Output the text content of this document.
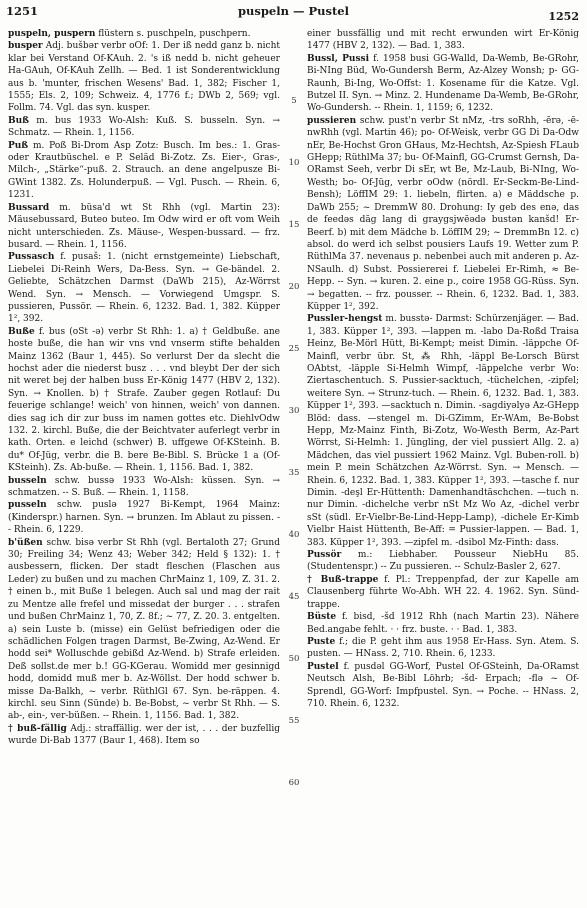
1251	puspeln — Pustel	1252

puspeln, puspern flüstern s. puschpeln, puschpern.

busper Adj. bušbər verbr oOf: 1. Der iß nedd ganz b. nicht klar bei Verstand Of-KAuh. 2. 's iß nedd b. nicht geheuer Ha-GAuh, Of-KAuh Zellh. — Bed. 1 ist Sonderentwicklung aus b. 'munter, frischen Wesens' Bad. 1, 382; Fischer 1, 1555; Els. 2, 109; Schweiz. 4, 1776 f.; DWb 2, 569; vgl. Follm. 74. Vgl. das syn. kusper.

Buß m. bus 1933 Wo-Alsh: Kuß. S. busseln. Syn. → Schmatz. — Rhein. 1, 1156.

Puß m. Poß Bi-Drom Asp Zotz: Busch. Im bes.: 1. Gras- oder Krautbüschel. e P. Seläd Bi-Zotz. Zs. Eier-, Gras-, Milch-, „Stärke“-puß. 2. Strauch. an dene angelpusze Bi-GWint 1382. Zs. Holunderpuß. — Vgl. Pusch. — Rhein. 6, 1231.

Bussard m. büsa'd wt St Rhh (vgl. Martin 23): Mäusebussard, Buteo buteo. Im Odw wird er oft vom Weih nicht unterschieden. Zs. Mäuse-, Wespen-bussard. — frz. busard. — Rhein. 1, 1156.

Pussasch f. pusaš: 1. (nicht ernstgemeinte) Liebschaft, Liebelei Di-Reinh Wers, Da-Bess. Syn. → Ge-bändel. 2. Geliebte, Schätzchen Darmst (DaWb 215), Az-Wörrst Wend. Syn. → Mensch. — Vorwiegend Umgspr. S. pussieren, Pussör. — Rhein. 6, 1232. Bad. 1, 382. Küpper 1², 392.

Buße f. bus (oSt -ə) verbr St Rhh: 1. a) † Geldbuße. ane hoste buße, die han wir vns vnd vnserm stifte behalden Mainz 1362 (Baur 1, 445). So verlurst Der da slecht die hochst ader die niederst busz . . . vnd bleybt Der der sich nit weret bej der halben buss Er-König 1477 (HBV 2, 132). Syn. → Knollen. b) † Strafe. Zauber gegen Rotlauf: Du feuerige schlange! weich' von hinnen, weich' von dannen. dies sag ich dir zur buss im namen gottes etc. DiehlvOdw 132. 2. kirchl. Buße, die der Beichtvater auferlegt verbr in kath. Orten. e leichd (schwer) B. uffgewe Of-KSteinh. B. du* Of-Jüg, verbr. die B. bere Be-Bibl. S. Brücke 1 a (Of-KSteinh). Zs. Ab-buße. — Rhein. 1, 1156. Bad. 1, 382.

busseln schw. bussə 1933 Wo-Alsh: küssen. Syn. → schmatzen. -- S. Buß. — Rhein. 1, 1158.

pusseln schw. puslə 1927 Bi-Kempt, 1964 Mainz: (Kinderspr.) harnen. Syn. → brunzen. Im Ablaut zu pissen. -- Rhein. 6, 1229.

b'üßen schw. bisə verbr St Rhh (vgl. Bertaloth 27; Grund 30; Freiling 34; Wenz 43; Weber 342; Held § 132): 1. † ausbessern, flicken. Der stadt fleschen (Flaschen aus Leder) zu bußen und zu machen ChrMainz 1, 109, Z. 31. 2. † einen b., mit Buße 1 belegen. Auch sal und mag der rait zu Mentze alle frefel und missedat der burger . . . strafen und bußen ChrMainz 1, 70, Z. 8f.; ~ 77, Z. 20. 3. entgelten. a) sein Luste b. (misse) ein Gelüst befriedigen oder die schädlichen Folgen tragen Darmst, Be-Zwing, Az-Wend. Er hodd sei* Wolluschde gebißd Az-Wend. b) Strafe erleiden. Deß sollst.de mer b.! GG-KGerau. Womidd mer gesinnigd hodd, domidd muß mer b. Az-Wöllst. Der hodd schwer b. misse Da-Balkh, ~ verbr. RüthlGl 67. Syn. be-räppen. 4. kirchl. seu Sinn (Sünde) b. Be-Bobst, ~ verbr St Rhh. — S. ab-, ein-, ver-büßen. -- Rhein. 1, 1156. Bad. 1, 382.

† buß-fällig Adj.: straffällig. wer der ist, . . . der buzfellig wurde Di-Bab 1377 (Baur 1, 468). Item so

5
10
15
20
25
30
35
40
45
50
55
60

einer bussfällig und mit recht erwunden wirt Er-König 1477 (HBV 2, 132). — Bad. 1, 383.

Bussl, Pussi f. 1958 busi GG-Walld, Da-Wemb, Be-GRohr, Bi-NIng Büd, Wo-Gundersh Berm, Az-Alzey Wonsh; p- GG-Raunh, Bi-Ing, Wo-Offst: 1. Kosename für die Katze. Vgl. Butzel II. Syn. → Minz. 2. Hundename Da-Wemb, Be-GRohr, Wo-Gundersh. -- Rhein. 1, 1159; 6, 1232.

pussieren schw. pust'n verbr St nMz, -trs soRhh, -ērə, -ē- nwRhh (vgl. Martin 46); po- Of-Weisk, verbr GG Di Da-Odw nEr, Be-Hochst Gron GHaus, Mz-Hechtsh, Az-Spiesh FLaub GHepp; RüthlMa 37; bu- Of-Mainfl, GG-Crumst Gernsh, Da-ORamst Seeh, verbr Di sEr, wt Be, Mz-Laub, Bi-NIng, Wo-Westh; bo- Of-Jüg, verbr oOdw (nördl. Er-Seckm-Be-Lind-Bensh); LöffIM 29: 1. liebeln, flirten. a) e Mäddsche p. DaWb 255; ~ DremmW 80. Drohung: Iy geb des enə, das de feedəs dāg lang di graygsjwēədə bustən kanšd! Er-Beerf. b) mit dem Mädche b. LöffIM 29; ~ DremmBn 12. c) absol. do werd ich selbst pousiers Laufs 19. Wetter zum P. RüthlMa 37. nevenaus p. nebenbei auch mit anderen p. Az-NSaulh. d) Subst. Possiererei f. Liebelei Er-Rimh, ≈ Be-Hepp. -- Syn. → kuren. 2. eine p., coire 1958 GG-Rüss. Syn. → begatten. -- frz. pousser. -- Rhein. 6, 1232. Bad. 1, 383. Küpper 1², 392.

Pussler-hengst m. busstə- Darmst: Schürzenjäger. — Bad. 1, 383. Küpper 1², 393. —lappen m. -labo Da-Roßd Traisa Heinz, Be-Mörl Hütt, Bi-Kempt; meist Dimin. -läppche Of-Mainfl, verbr übr. St, ⁂ Rhh, -läppl Be-Lorsch Bürst OAbtst, -läpple Si-Helmh Wimpf, -läppelche verbr Wo: Ziertaschentuch. S. Pussier-sacktuch, -tüchelchen, -zipfel; weitere Syn. → Strunz-tuch. — Rhein. 6, 1232. Bad. 1, 383. Küpper 1², 393. —sacktuch n. Dimin. -sagdiyəlyə Az-GHepp Blöd: dass. —stengel m. Di-GZimm, Er-WAm, Be-Bobst Hepp, Mz-Mainz Finth, Bi-Zotz, Wo-Westh Berm, Az-Part Wörrst, Si-Helmh: 1. Jüngling, der viel pussiert Allg. 2. a) Mädchen, das viel pussiert 1962 Mainz. Vgl. Buben-roll. b) mein P. mein Schätzchen Az-Wörrst. Syn. → Mensch. — Rhein. 6, 1232. Bad. 1, 383. Küpper 1², 393. —tasche f. nur Dimin. -deşl Er-Hüttenth: Damenhandtäschchen. —tuch n. nur Dimin. -dichelche verbr nSt Mz Wo Az, -dichel verbr sSt (südl. Er-Vielbr-Be-Lind-Hepp-Lamp), -dichele Er-Kimb Vielbr Haist Hüttenth, Be-Aff: = Pussier-lappen. — Bad. 1, 383. Küpper 1², 393. —zipfel m. -dsibol Mz-Finth: dass.

Pussör m.: Liebhaber. Pousseur NiebHu 85. (Studentenspr.) -- Zu pussieren. -- Schulz-Basler 2, 627.

† Buß-trappe f. Pl.: Treppenpfad, der zur Kapelle am Clausenberg führte Wo-Abh. WH 22. 4. 1962. Syn. Sünd-trappe.

Büste f. bisd, -šd 1912 Rhh (nach Martin 23). Nähere Bed.angabe fehlt. · · frz. buste. · · Bad. 1, 383.

Puste f.; die P. geht ihm aus 1958 Er-Hass. Syn. Atem. S. pusten. — HNass. 2, 710. Rhein. 6, 1233.

Pustel f. pusdəl GG-Worf, Pustel Of-GSteinh, Da-ORamst Neutsch Alsh, Be-Bibl Löhrb; -šd- Erpach; -flə ~ Of-Sprendl, GG-Worf: Impfpustel. Syn. → Poche. -- HNass. 2, 710. Rhein. 6, 1232.
